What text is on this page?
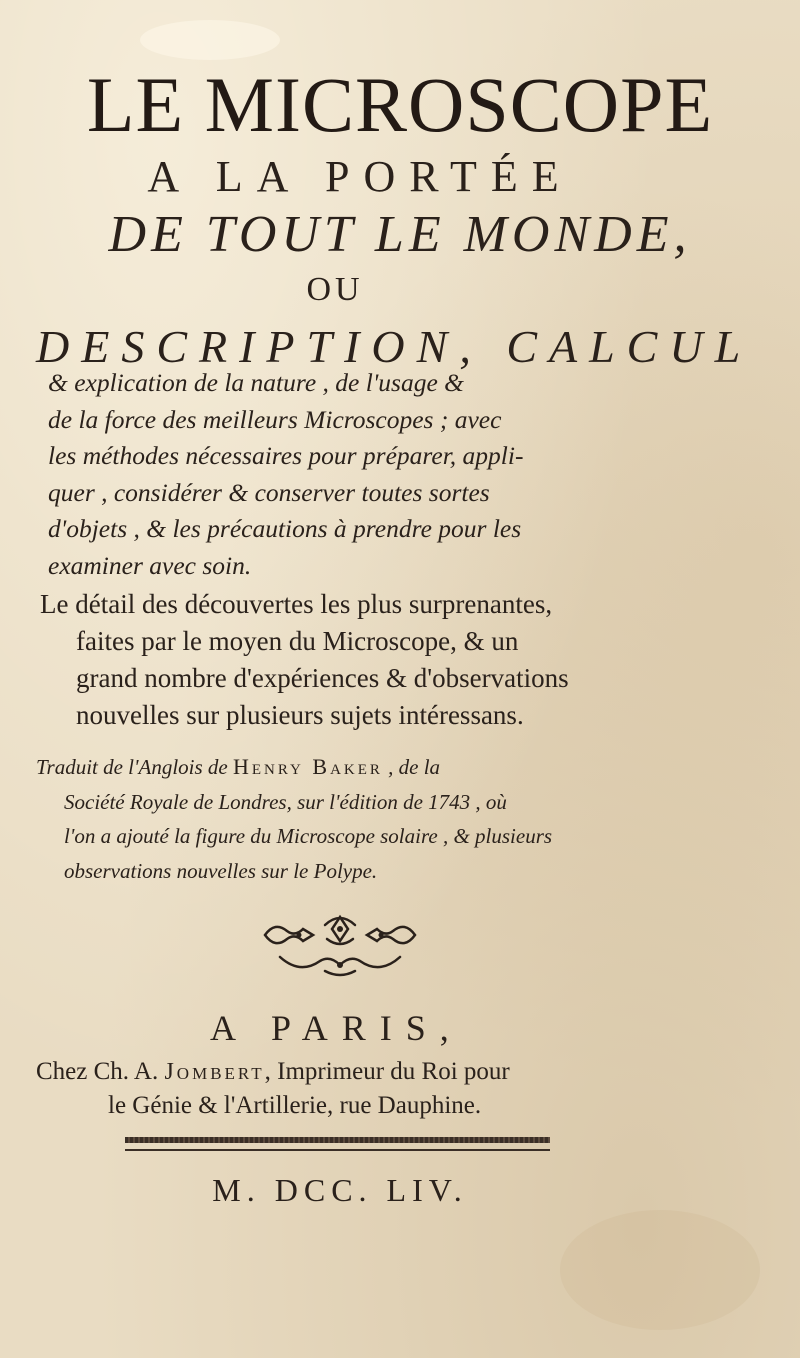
LE MICROSCOPE
A LA PORTÉE
DE TOUT LE MONDE,
OU
DESCRIPTION, CALCUL
& explication de la nature , de l'usage &
de la force des meilleurs Microscopes ; avec
les méthodes nécessaires pour préparer, appli-
quer , considérer & conserver toutes sortes
d'objets , & les précautions à prendre pour les
examiner avec soin.
Le détail des découvertes les plus surprenantes,
faites par le moyen du Microscope, & un
grand nombre d'expériences & d'observations
nouvelles sur plusieurs sujets intéressans.
Traduit de l'Anglois de Henry Baker , de la
Société Royale de Londres, sur l'édition de 1743 , où
l'on a ajouté la figure du Microscope solaire , & plusieurs
observations nouvelles sur le Polype.
A PARIS,
Chez Ch. A. Jombert, Imprimeur du Roi pour
le Génie & l'Artillerie, rue Dauphine.
M. DCC. LIV.
